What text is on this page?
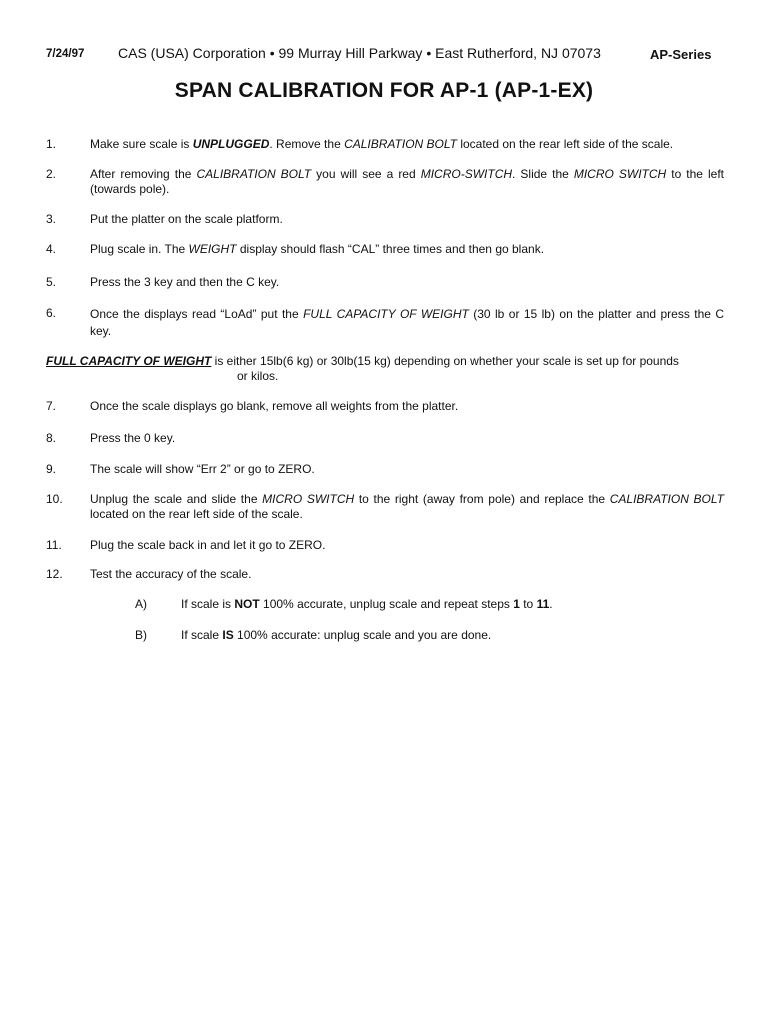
7/24/97 CAS (USA) Corporation • 99 Murray Hill Parkway • East Rutherford, NJ 07073	AP-Series
SPAN CALIBRATION FOR AP-1 (AP-1-EX)
1.	Make sure scale is UNPLUGGED. Remove the CALIBRATION BOLT located on the rear left side of the scale.
2.	After removing the CALIBRATION BOLT you will see a red MICRO-SWITCH. Slide the MICRO SWITCH to the left (towards pole).
3.	Put the platter on the scale platform.
4.	Plug scale in. The WEIGHT display should flash “CAL” three times and then go blank.
5.	Press the 3 key and then the C key.
6.	Once the displays read “LoAd” put the FULL CAPACITY OF WEIGHT (30 lb or 15 lb) on the platter and press the C key.
FULL CAPACITY OF WEIGHT is either 15lb(6 kg) or 30lb(15 kg) depending on whether your scale is set up for pounds
or kilos.
7.	Once the scale displays go blank, remove all weights from the platter.
8.	Press the 0 key.
9.	The scale will show “Err 2” or go to ZERO.
10. Unplug the scale and slide the MICRO SWITCH to the right (away from pole) and replace the CALIBRATION BOLT located on the rear left side of the scale.
11. Plug the scale back in and let it go to ZERO.
12. Test the accuracy of the scale.
A)	If scale is NOT 100% accurate, unplug scale and repeat steps 1 to 11.
B)	If scale IS 100% accurate: unplug scale and you are done.
